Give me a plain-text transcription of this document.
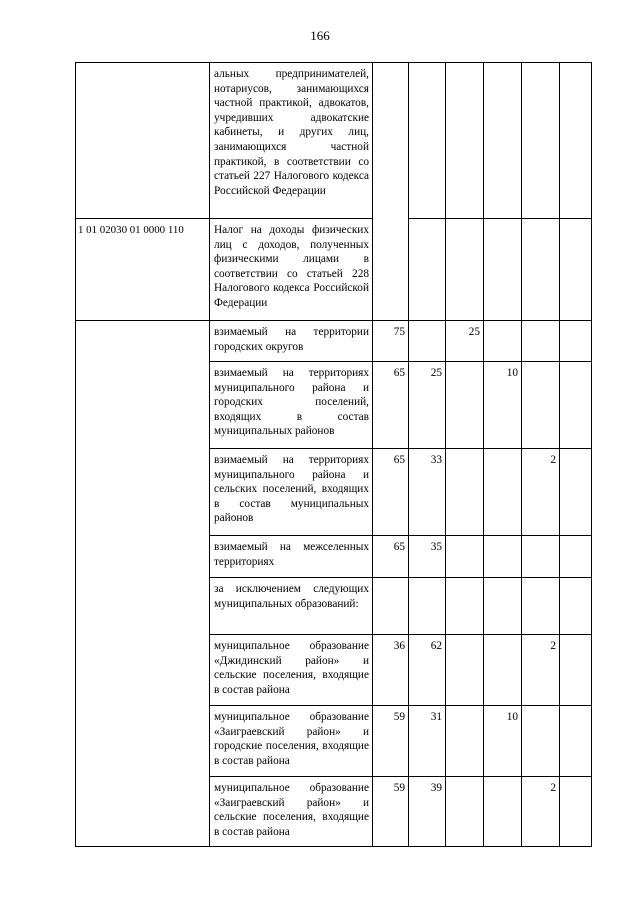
166

	альных предпринимателей, нотариусов, занимающихся частной практикой, адвокатов, учредивших адвокатские кабинеты, и других лиц, занимающихся частной практикой, в соответствии со статьей 227 Налогового кодекса Российской Федерации						

1 01 02030 01 0000 110	Налог на доходы физических лиц с доходов, полученных физическими лицами в соответствии со статьей 228 Налогового кодекса Российской Федерации						

	взимаемый на территории городских округов	75		25			

	взимаемый на территориях муниципального района и городских поселений, входящих в состав муниципальных районов	65	25		10		

	взимаемый на территориях муниципального района и сельских поселений, входящих в состав муниципальных районов	65	33			2	

	взимаемый на межселенных территориях	65	35				

	за исключением следующих муниципальных образований:						

	муниципальное образование «Джидинский район» и сельские поселения, входящие в состав района	36	62			2	

	муниципальное образование «Заиграевский район» и городские поселения, входящие в состав района	59	31		10		

	муниципальное образование «Заиграевский район» и сельские поселения, входящие в состав района	59	39			2	
